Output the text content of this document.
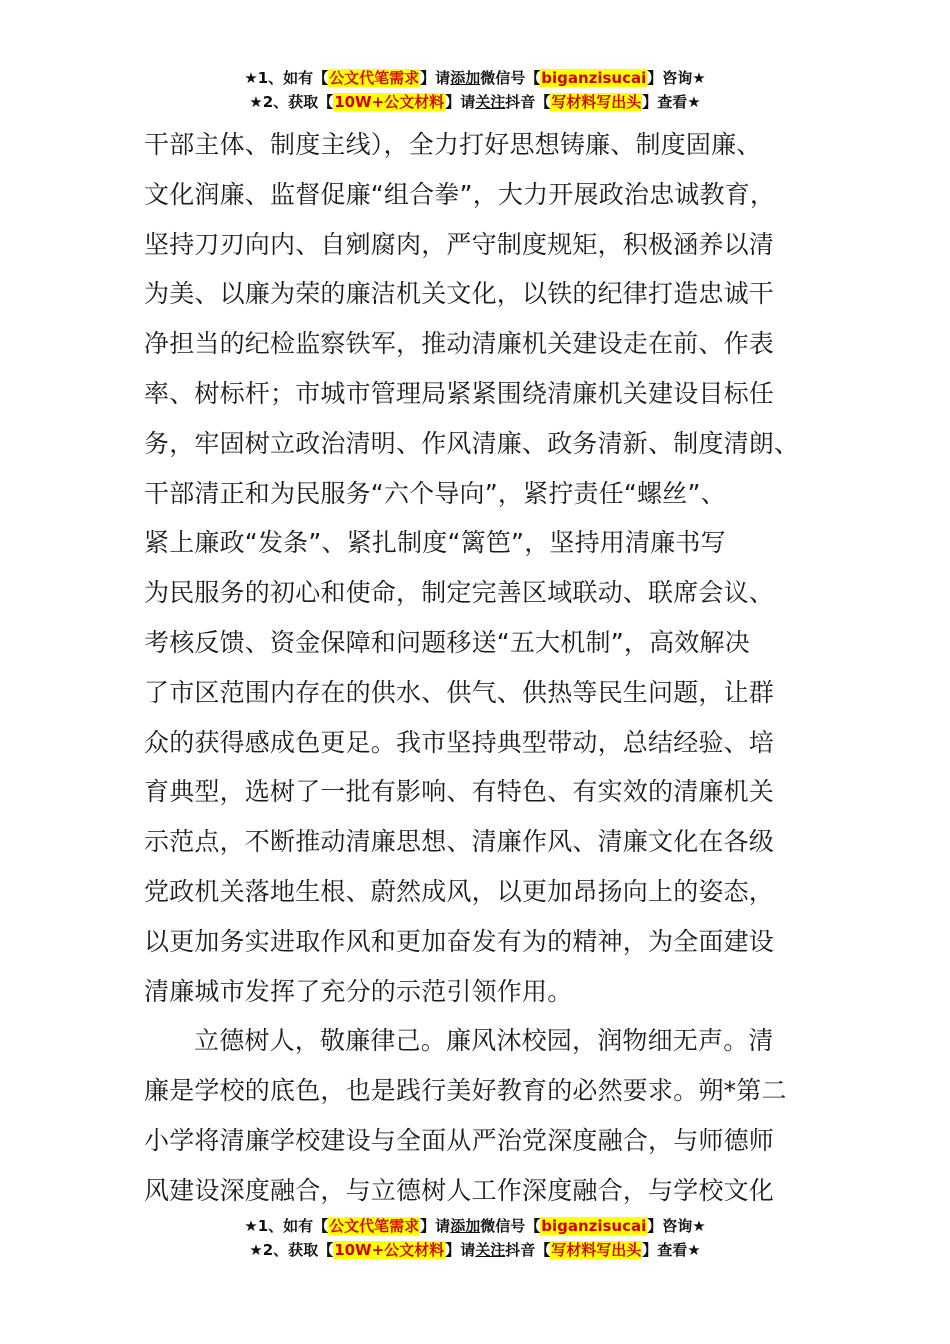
★1、如有【公文代笔需求】请添加微信号【biganzisucai】咨询★
★2、获取【10W+公文材料】请关注抖音【写材料写出头】查看★

干部主体、制度主线），全力打好思想铸廉、制度固廉、
文化润廉、监督促廉“组合拳”，大力开展政治忠诚教育，
坚持刀刃向内、自剜腐肉，严守制度规矩，积极涵养以清
为美、以廉为荣的廉洁机关文化，以铁的纪律打造忠诚干
净担当的纪检监察铁军，推动清廉机关建设走在前、作表
率、树标杆；市城市管理局紧紧围绕清廉机关建设目标任
务，牢固树立政治清明、作风清廉、政务清新、制度清朗、
干部清正和为民服务“六个导向”，紧拧责任“螺丝”、
紧上廉政“发条”、紧扎制度“篱笆”，坚持用清廉书写
为民服务的初心和使命，制定完善区域联动、联席会议、
考核反馈、资金保障和问题移送“五大机制”，高效解决
了市区范围内存在的供水、供气、供热等民生问题，让群
众的获得感成色更足。我市坚持典型带动，总结经验、培
育典型，选树了一批有影响、有特色、有实效的清廉机关
示范点，不断推动清廉思想、清廉作风、清廉文化在各级
党政机关落地生根、蔚然成风，以更加昂扬向上的姿态，
以更加务实进取作风和更加奋发有为的精神，为全面建设
清廉城市发挥了充分的示范引领作用。

立德树人，敬廉律己。廉风沐校园，润物细无声。清
廉是学校的底色，也是践行美好教育的必然要求。朔*第二
小学将清廉学校建设与全面从严治党深度融合，与师德师
风建设深度融合，与立德树人工作深度融合，与学校文化

★1、如有【公文代笔需求】请添加微信号【biganzisucai】咨询★
★2、获取【10W+公文材料】请关注抖音【写材料写出头】查看★
